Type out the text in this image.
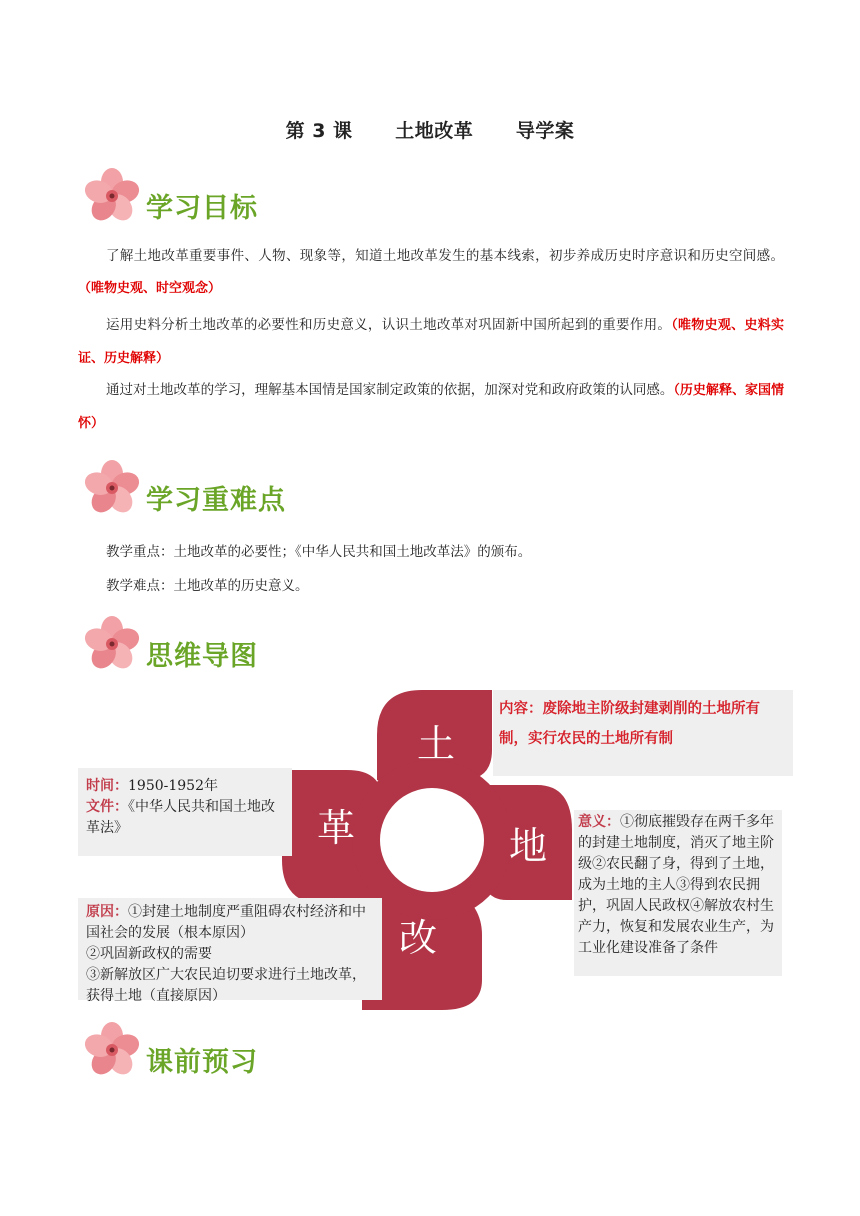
第 3 课      土地改革      导学案
学习目标
了解土地改革重要事件、人物、现象等，知道土地改革发生的基本线索，初步养成历史时序意识和历史空间感。（唯物史观、时空观念）
运用史料分析土地改革的必要性和历史意义，认识土地改革对巩固新中国所起到的重要作用。（唯物史观、史料实证、历史解释）
通过对土地改革的学习，理解基本国情是国家制定政策的依据，加深对党和政府政策的认同感。（历史解释、家国情怀）
学习重难点
教学重点：土地改革的必要性；《中华人民共和国土地改革法》的颁布。
教学难点：土地改革的历史意义。
思维导图
土
地
改
革
内容：废除地主阶级封建剥削的土地所有制，实行农民的土地所有制
时间：1950-1952年
文件：《中华人民共和国土地改革法》	意义：①彻底摧毁存在两千多年的封建土地制度，消灭了地主阶级②农民翻了身，得到了土地，成为土地的主人③得到农民拥护，巩固人民政权④解放农村生产力，恢复和发展农业生产，为工业化建设准备了条件
原因：①封建土地制度严重阻碍农村经济和中国社会的发展（根本原因）
②巩固新政权的需要
③新解放区广大农民迫切要求进行土地改革，获得土地（直接原因）
课前预习
